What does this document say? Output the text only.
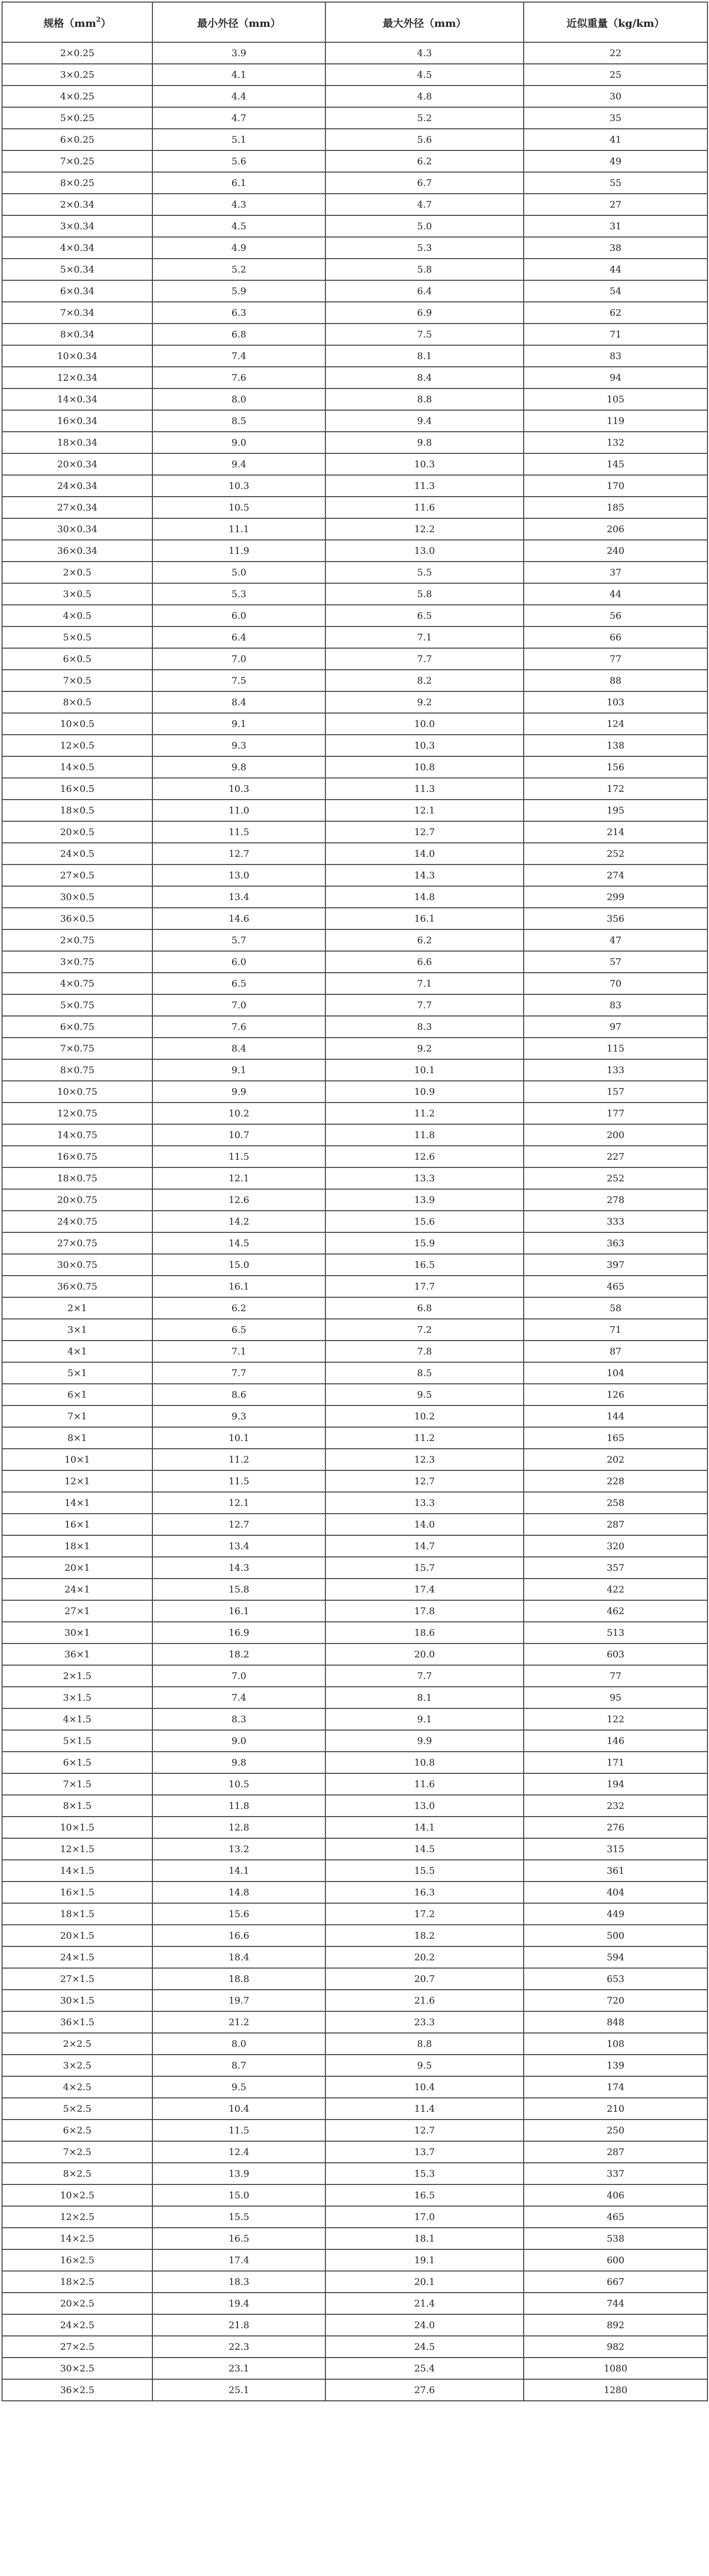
规格$(mm^2)$	最小外径（mm）	最大外径（mm）	近似重量（kg/km）
2×0.25	3.9	4.3	22
3×0.25	4.1	4.5	25
4×0.25	4.4	4.8	30
5×0.25	4.7	5.2	35
6×0.25	5.1	5.6	41
7×0.25	5.6	6.2	49
8×0.25	6.1	6.7	55
2×0.34	4.3	4.7	27
3×0.34	4.5	5.0	31
4×0.34	4.9	5.3	38
5×0.34	5.2	5.8	44
6×0.34	5.9	6.4	54
7×0.34	6.3	6.9	62
8×0.34	6.8	7.5	71
10×0.34	7.4	8.1	83
12×0.34	7.6	8.4	94
14×0.34	8.0	8.8	105
16×0.34	8.5	9.4	119
18×0.34	9.0	9.8	132
20×0.34	9.4	10.3	145
24×0.34	10.3	11.3	170
27×0.34	10.5	11.6	185
30×0.34	11.1	12.2	206
36×0.34	11.9	13.0	240
2×0.5	5.0	5.5	37
3×0.5	5.3	5.8	44
4×0.5	6.0	6.5	56
5×0.5	6.4	7.1	66
6×0.5	7.0	7.7	77
7×0.5	7.5	8.2	88
8×0.5	8.4	9.2	103
10×0.5	9.1	10.0	124
12×0.5	9.3	10.3	138
14×0.5	9.8	10.8	156
16×0.5	10.3	11.3	172
18×0.5	11.0	12.1	195
20×0.5	11.5	12.7	214
24×0.5	12.7	14.0	252
27×0.5	13.0	14.3	274
30×0.5	13.4	14.8	299
36×0.5	14.6	16.1	356
2×0.75	5.7	6.2	47
3×0.75	6.0	6.6	57
4×0.75	6.5	7.1	70
5×0.75	7.0	7.7	83
6×0.75	7.6	8.3	97
7×0.75	8.4	9.2	115
8×0.75	9.1	10.1	133
10×0.75	9.9	10.9	157
12×0.75	10.2	11.2	177
14×0.75	10.7	11.8	200
16×0.75	11.5	12.6	227
18×0.75	12.1	13.3	252
20×0.75	12.6	13.9	278
24×0.75	14.2	15.6	333
27×0.75	14.5	15.9	363
30×0.75	15.0	16.5	397
36×0.75	16.1	17.7	465
2×1	6.2	6.8	58
3×1	6.5	7.2	71
4×1	7.1	7.8	87
5×1	7.7	8.5	104
6×1	8.6	9.5	126
7×1	9.3	10.2	144
8×1	10.1	11.2	165
10×1	11.2	12.3	202
12×1	11.5	12.7	228
14×1	12.1	13.3	258
16×1	12.7	14.0	287
18×1	13.4	14.7	320
20×1	14.3	15.7	357
24×1	15.8	17.4	422
27×1	16.1	17.8	462
30×1	16.9	18.6	513
36×1	18.2	20.0	603
2×1.5	7.0	7.7	77
3×1.5	7.4	8.1	95
4×1.5	8.3	9.1	122
5×1.5	9.0	9.9	146
6×1.5	9.8	10.8	171
7×1.5	10.5	11.6	194
8×1.5	11.8	13.0	232
10×1.5	12.8	14.1	276
12×1.5	13.2	14.5	315
14×1.5	14.1	15.5	361
16×1.5	14.8	16.3	404
18×1.5	15.6	17.2	449
20×1.5	16.6	18.2	500
24×1.5	18.4	20.2	594
27×1.5	18.8	20.7	653
30×1.5	19.7	21.6	720
36×1.5	21.2	23.3	848
2×2.5	8.0	8.8	108
3×2.5	8.7	9.5	139
4×2.5	9.5	10.4	174
5×2.5	10.4	11.4	210
6×2.5	11.5	12.7	250
7×2.5	12.4	13.7	287
8×2.5	13.9	15.3	337
10×2.5	15.0	16.5	406
12×2.5	15.5	17.0	465
14×2.5	16.5	18.1	538
16×2.5	17.4	19.1	600
18×2.5	18.3	20.1	667
20×2.5	19.4	21.4	744
24×2.5	21.8	24.0	892
27×2.5	22.3	24.5	982
30×2.5	23.1	25.4	1080
36×2.5	25.1	27.6	1280
